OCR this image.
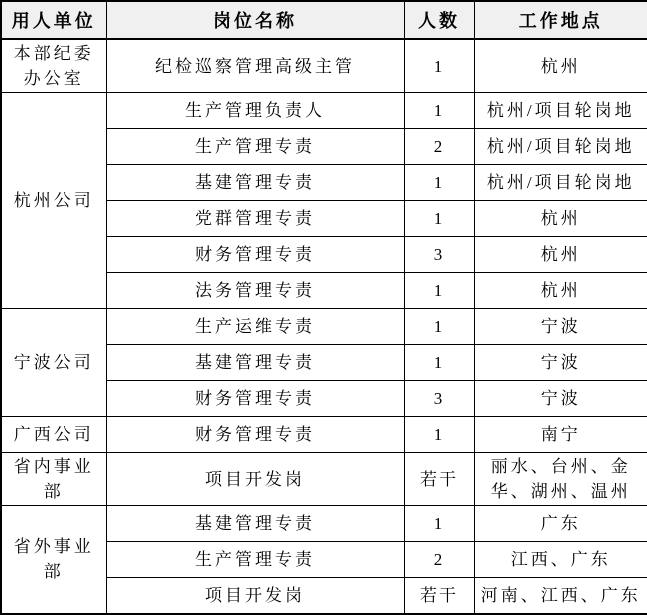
用人单位	岗位名称	人数	工作地点
本部纪委办公室	纪检巡察管理高级主管	1	杭州
杭州公司	生产管理负责人	1	杭州/项目轮岗地
	生产管理专责	2	杭州/项目轮岗地
	基建管理专责	1	杭州/项目轮岗地
	党群管理专责	1	杭州
	财务管理专责	3	杭州
	法务管理专责	1	杭州
宁波公司	生产运维专责	1	宁波
	基建管理专责	1	宁波
	财务管理专责	3	宁波
广西公司	财务管理专责	1	南宁
省内事业部	项目开发岗	若干	丽水、台州、金华、湖州、温州
省外事业部	基建管理专责	1	广东
	生产管理专责	2	江西、广东
	项目开发岗	若干	河南、江西、广东
